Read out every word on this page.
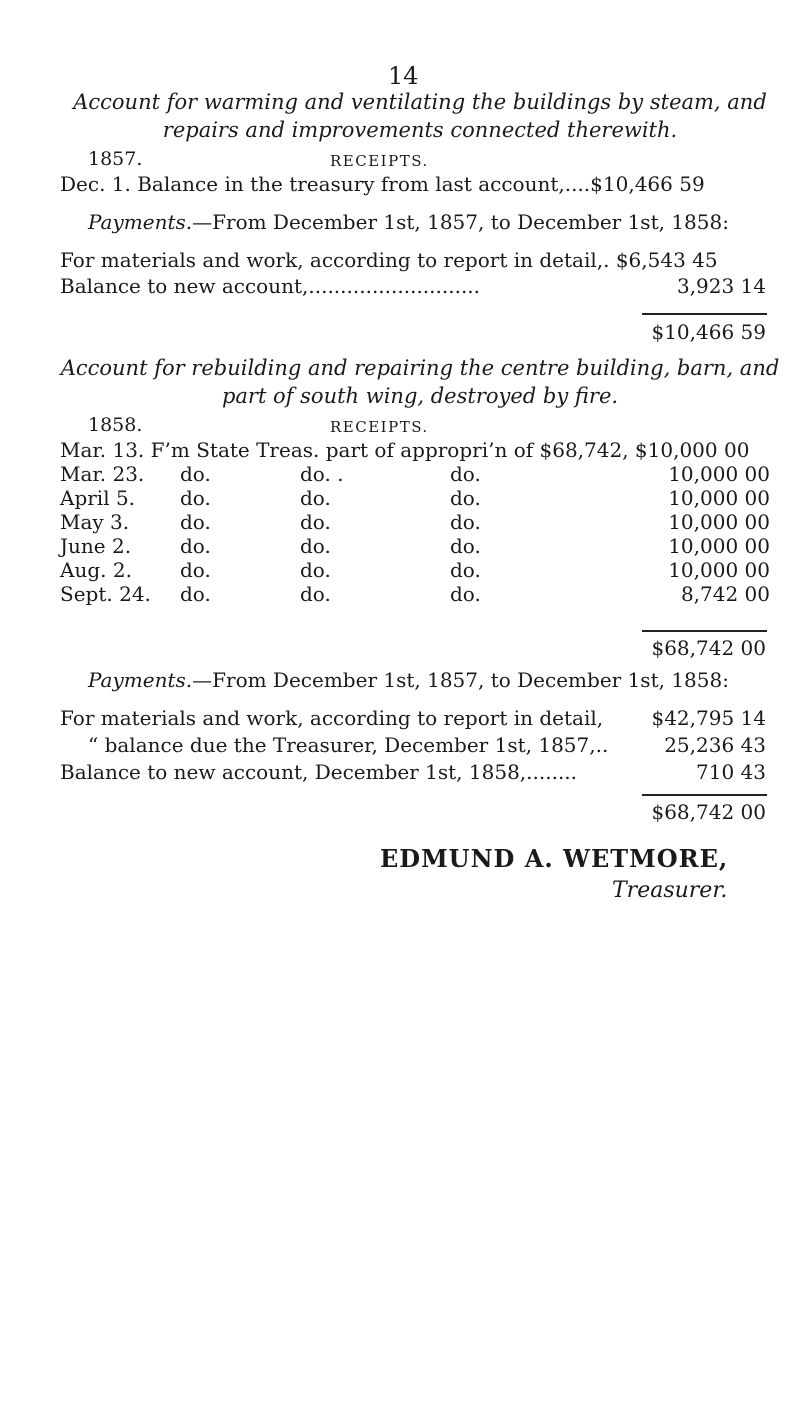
14
Account for warming and ventilating the buildings by steam, and repairs and improvements connected therewith.
1857.	RECEIPTS.
Dec. 1. Balance in the treasury from last account,....$10,466 59
Payments.—From December 1st, 1857, to December 1st, 1858:
For materials and work, according to report in detail,. $6,543 45
Balance to new account,...........................	3,923 14
$10,466 59
Account for rebuilding and repairing the centre building, barn, and part of south wing, destroyed by fire.
1858.	RECEIPTS.
Mar. 13. F’m State Treas. part of appropri’n of $68,742, $10,000 00
Mar. 23.	do.	do. .	do.	10,000 00
April 5.	do.	do.	do.	10,000 00
May 3.	do.	do.	do.	10,000 00
June 2.	do.	do.	do.	10,000 00
Aug. 2.	do.	do.	do.	10,000 00
Sept. 24.	do.	do.	do.	8,742 00
$68,742 00
Payments.—From December 1st, 1857, to December 1st, 1858:
For materials and work, according to report in detail,	$42,795 14
“ balance due the Treasurer, December 1st, 1857,..	25,236 43
Balance to new account, December 1st, 1858,........	710 43
$68,742 00
EDMUND A. WETMORE,
Treasurer.
